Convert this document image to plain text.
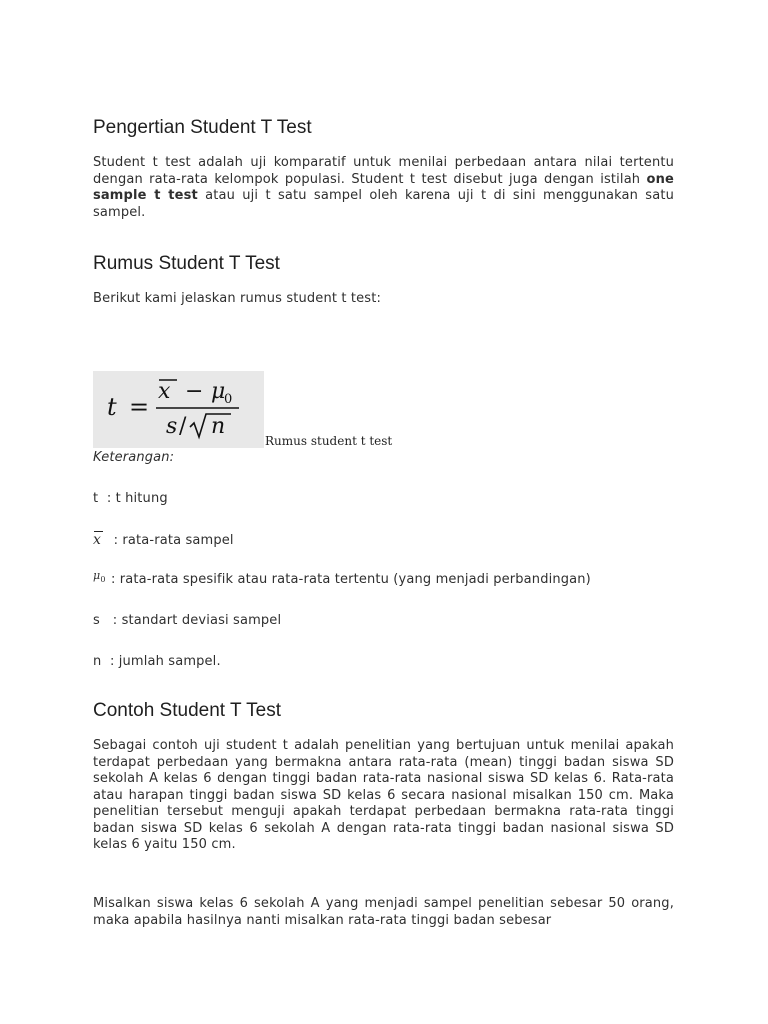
Pengertian Student T Test

Student t test adalah uji komparatif untuk menilai perbedaan antara nilai tertentu dengan rata-rata kelompok populasi. Student t test disebut juga dengan istilah one sample t test atau uji t satu sampel oleh karena uji t di sini menggunakan satu sampel.

Rumus Student T Test
Berikut kami jelaskan rumus student t test:
t =
x − μ
0
s / n
Rumus student t test
Keterangan:
t  : t hitung
x : rata-rata sampel
$\mu_0$ : rata-rata spesifik atau rata-rata tertentu (yang menjadi perbandingan)
s   : standart deviasi sampel
n  : jumlah sampel.
Contoh Student T Test

Sebagai contoh uji student t adalah penelitian yang bertujuan untuk menilai apakah terdapat perbedaan yang bermakna antara rata-rata (mean) tinggi badan siswa SD sekolah A kelas 6 dengan tinggi badan rata-rata nasional siswa SD kelas 6. Rata-rata atau harapan tinggi badan siswa SD kelas 6 secara nasional misalkan 150 cm. Maka penelitian tersebut menguji apakah terdapat perbedaan bermakna rata-rata tinggi badan siswa SD kelas 6 sekolah A dengan rata-rata tinggi badan nasional siswa SD kelas 6 yaitu 150 cm.

Misalkan siswa kelas 6 sekolah A yang menjadi sampel penelitian sebesar 50 orang, maka apabila hasilnya nanti misalkan rata-rata tinggi badan sebesar
